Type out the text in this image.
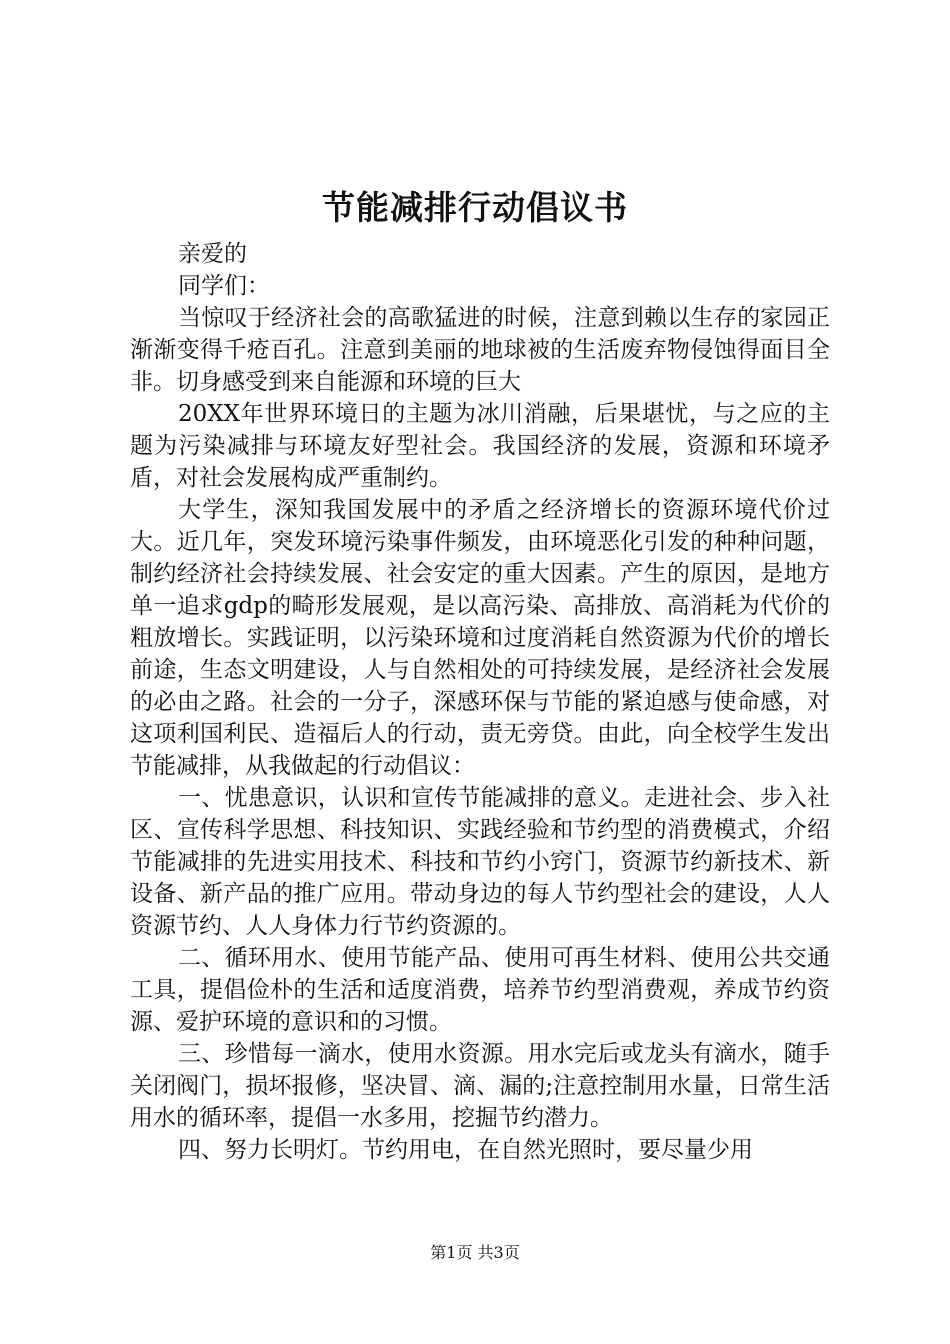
节能减排行动倡议书

亲爱的

同学们：

当惊叹于经济社会的高歌猛进的时候，注意到赖以生存的家园正渐渐变得千疮百孔。注意到美丽的地球被的生活废弃物侵蚀得面目全非。切身感受到来自能源和环境的巨大

20XX年世界环境日的主题为冰川消融，后果堪忧，与之应的主题为污染减排与环境友好型社会。我国经济的发展，资源和环境矛盾，对社会发展构成严重制约。

大学生，深知我国发展中的矛盾之经济增长的资源环境代价过大。近几年，突发环境污染事件频发，由环境恶化引发的种种问题，制约经济社会持续发展、社会安定的重大因素。产生的原因，是地方单一追求gdp的畸形发展观，是以高污染、高排放、高消耗为代价的粗放增长。实践证明，以污染环境和过度消耗自然资源为代价的增长前途，生态文明建设，人与自然相处的可持续发展，是经济社会发展的必由之路。社会的一分子，深感环保与节能的紧迫感与使命感，对这项利国利民、造福后人的行动，责无旁贷。由此，向全校学生发出节能减排，从我做起的行动倡议：

一、忧患意识，认识和宣传节能减排的意义。走进社会、步入社区、宣传科学思想、科技知识、实践经验和节约型的消费模式，介绍节能减排的先进实用技术、科技和节约小窍门，资源节约新技术、新设备、新产品的推广应用。带动身边的每人节约型社会的建设，人人资源节约、人人身体力行节约资源的。

二、循环用水、使用节能产品、使用可再生材料、使用公共交通工具，提倡俭朴的生活和适度消费，培养节约型消费观，养成节约资源、爱护环境的意识和的习惯。

三、珍惜每一滴水，使用水资源。用水完后或龙头有滴水，随手关闭阀门，损坏报修，坚决冒、滴、漏的;注意控制用水量，日常生活用水的循环率，提倡一水多用，挖掘节约潜力。

四、努力长明灯。节约用电，在自然光照时，要尽量少用

第1页 共3页
